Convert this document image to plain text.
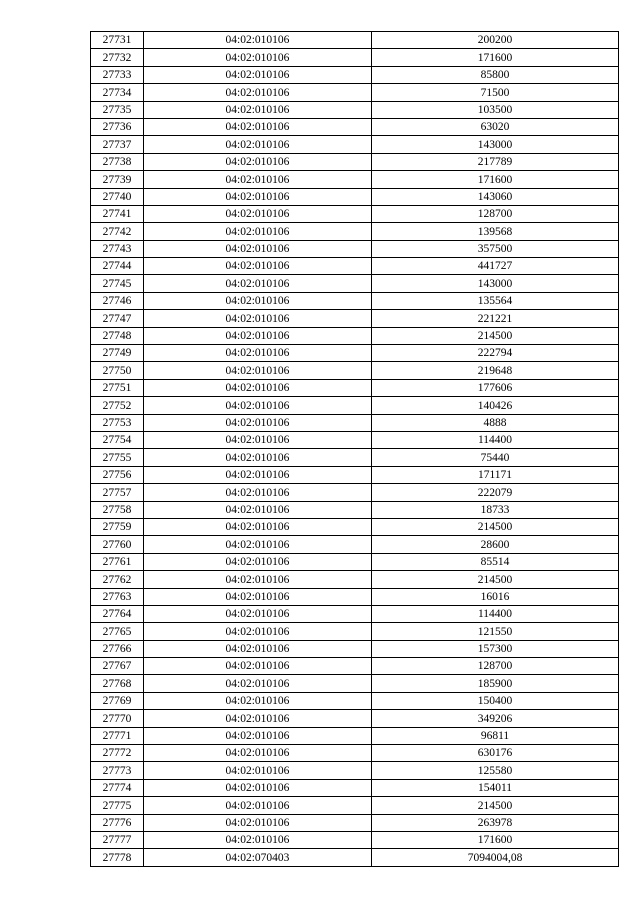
27731	04:02:010106	200200
27732	04:02:010106	171600
27733	04:02:010106	85800
27734	04:02:010106	71500
27735	04:02:010106	103500
27736	04:02:010106	63020
27737	04:02:010106	143000
27738	04:02:010106	217789
27739	04:02:010106	171600
27740	04:02:010106	143060
27741	04:02:010106	128700
27742	04:02:010106	139568
27743	04:02:010106	357500
27744	04:02:010106	441727
27745	04:02:010106	143000
27746	04:02:010106	135564
27747	04:02:010106	221221
27748	04:02:010106	214500
27749	04:02:010106	222794
27750	04:02:010106	219648
27751	04:02:010106	177606
27752	04:02:010106	140426
27753	04:02:010106	4888
27754	04:02:010106	114400
27755	04:02:010106	75440
27756	04:02:010106	171171
27757	04:02:010106	222079
27758	04:02:010106	18733
27759	04:02:010106	214500
27760	04:02:010106	28600
27761	04:02:010106	85514
27762	04:02:010106	214500
27763	04:02:010106	16016
27764	04:02:010106	114400
27765	04:02:010106	121550
27766	04:02:010106	157300
27767	04:02:010106	128700
27768	04:02:010106	185900
27769	04:02:010106	150400
27770	04:02:010106	349206
27771	04:02:010106	96811
27772	04:02:010106	630176
27773	04:02:010106	125580
27774	04:02:010106	154011
27775	04:02:010106	214500
27776	04:02:010106	263978
27777	04:02:010106	171600
27778	04:02:070403	7094004,08
